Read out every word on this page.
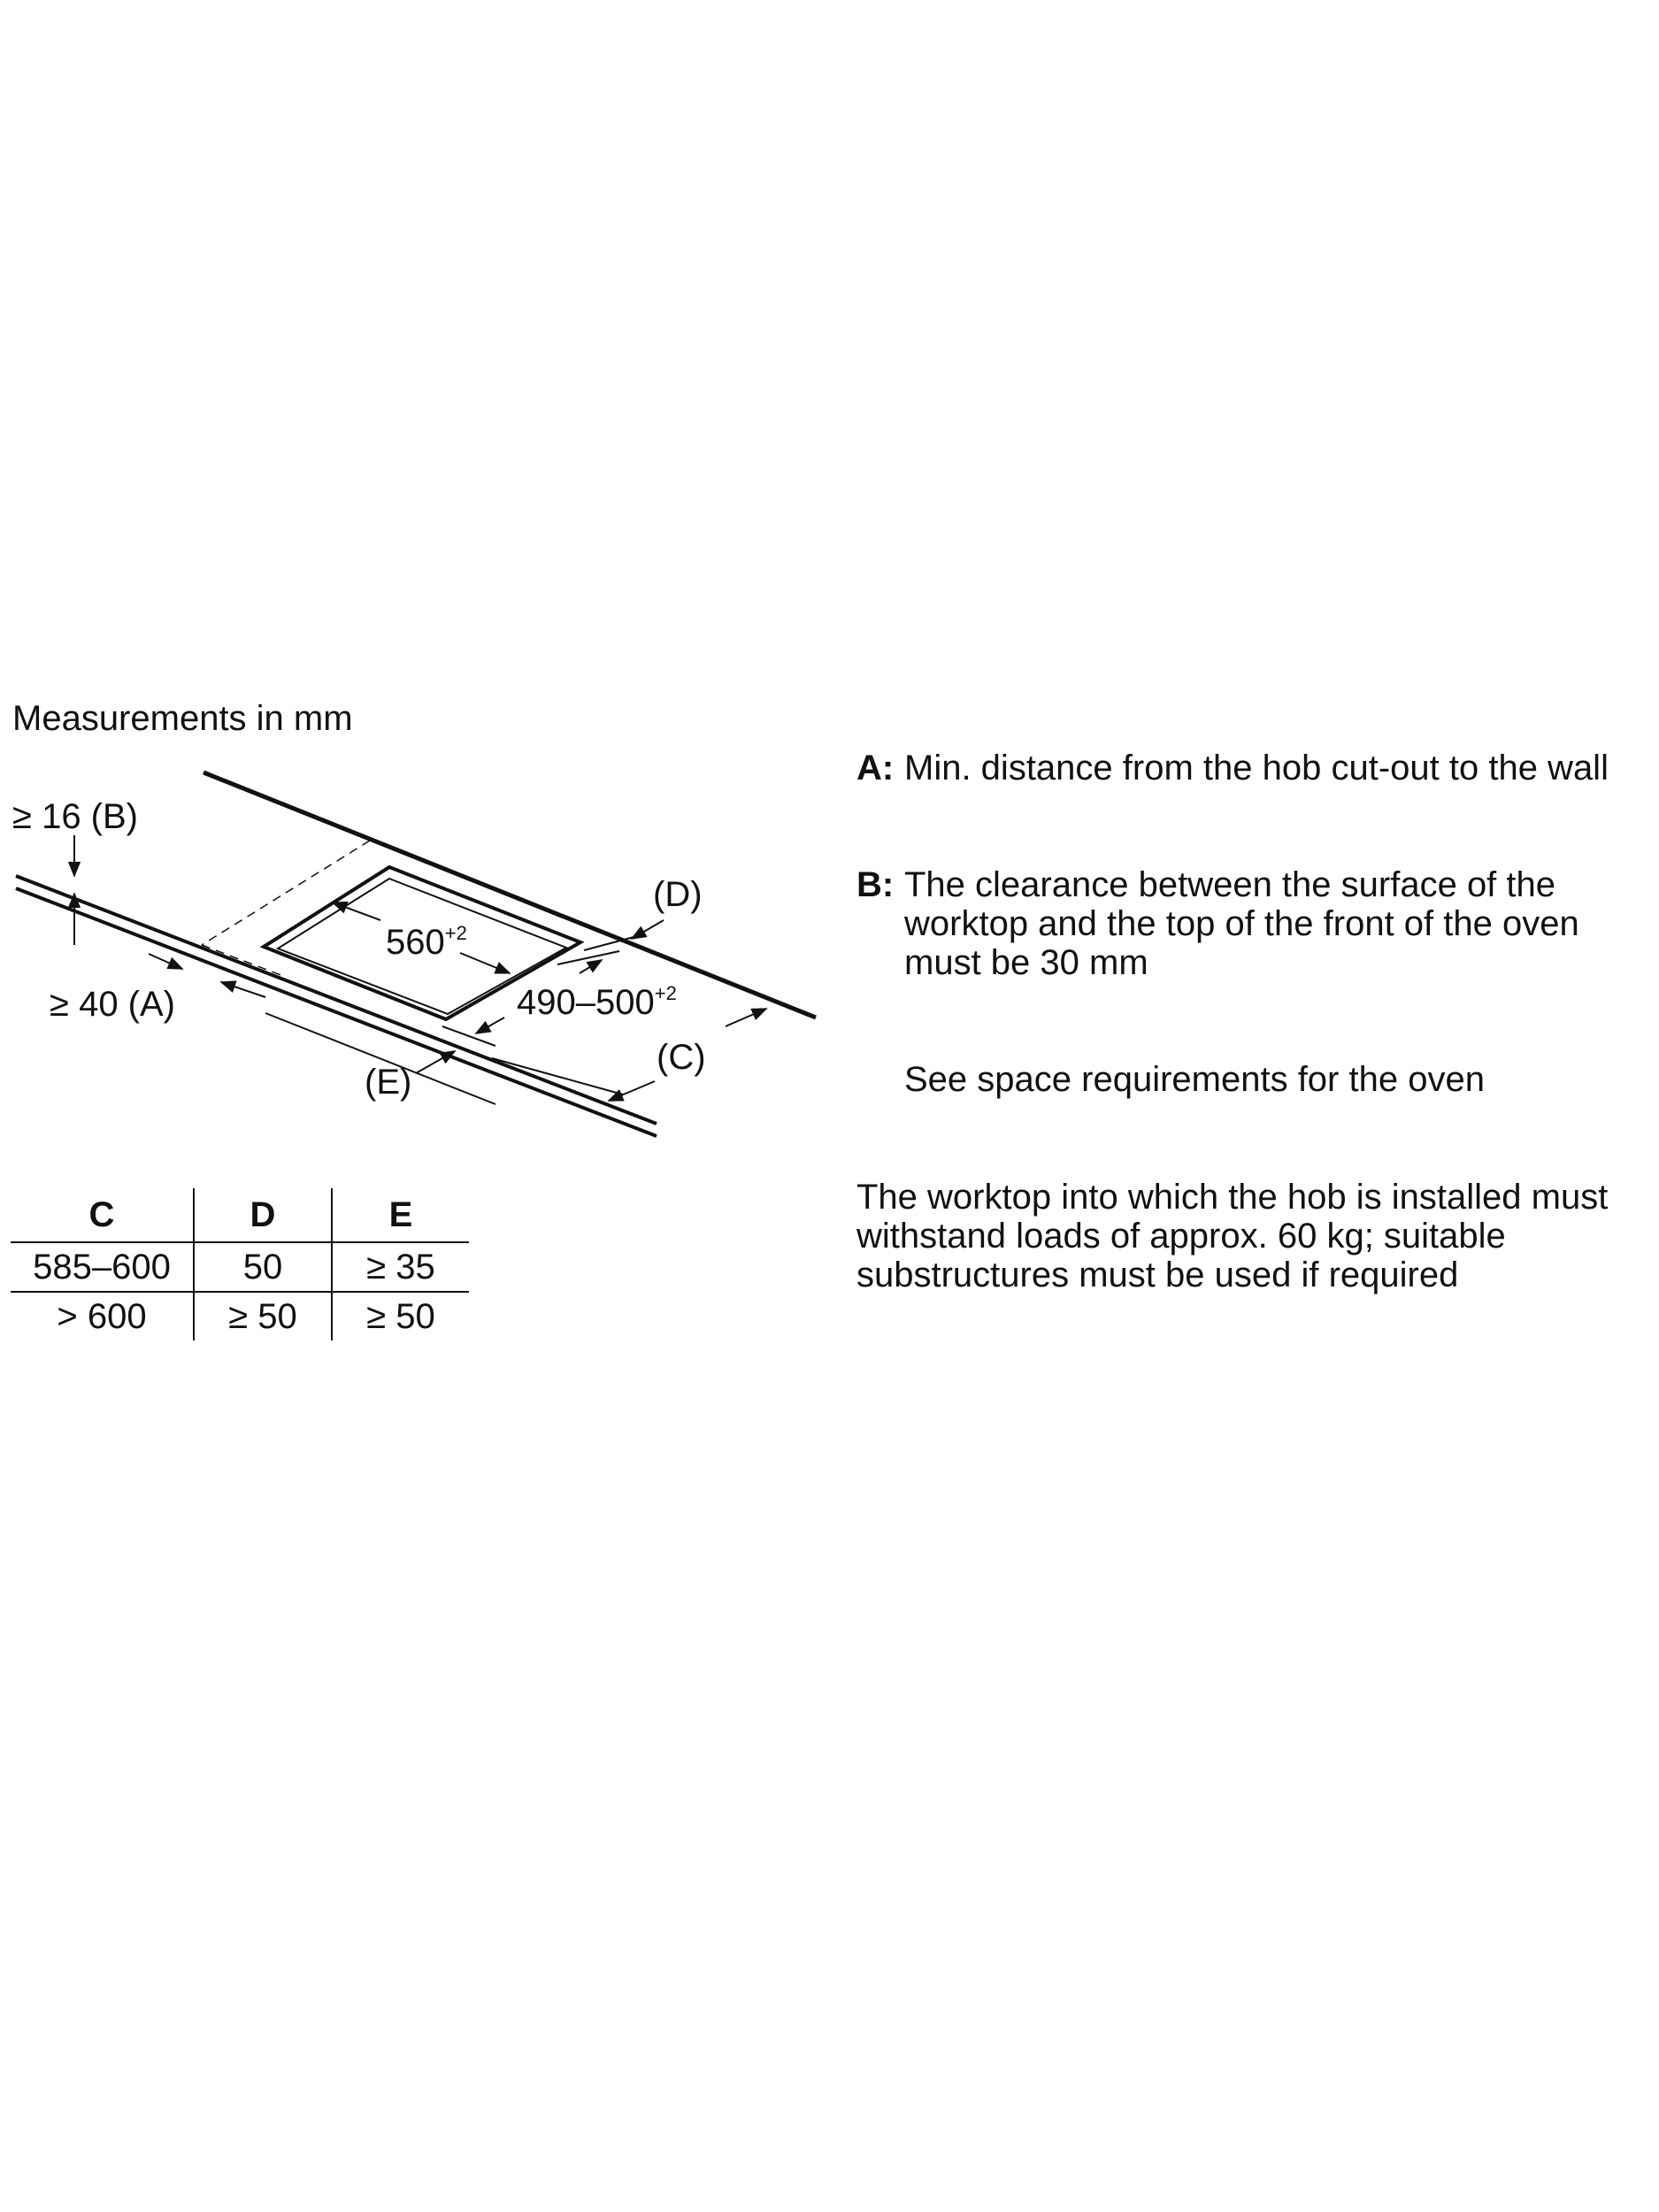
Measurements in mm
≥ 16 (B)
≥ 40 (A)
(D)
(C)
(E)
$560^{+2}$
$490-500^{+2}$
A: Min. distance from the hob cut-out to the wall
B: The clearance between the surface of the worktop and the top of the front of the oven must be 30 mm
See space requirements for the oven
The worktop into which the hob is installed must withstand loads of approx. 60 kg; suitable substructures must be used if required
C	D	E
585–600	50	≥ 35
> 600	≥ 50	≥ 50
